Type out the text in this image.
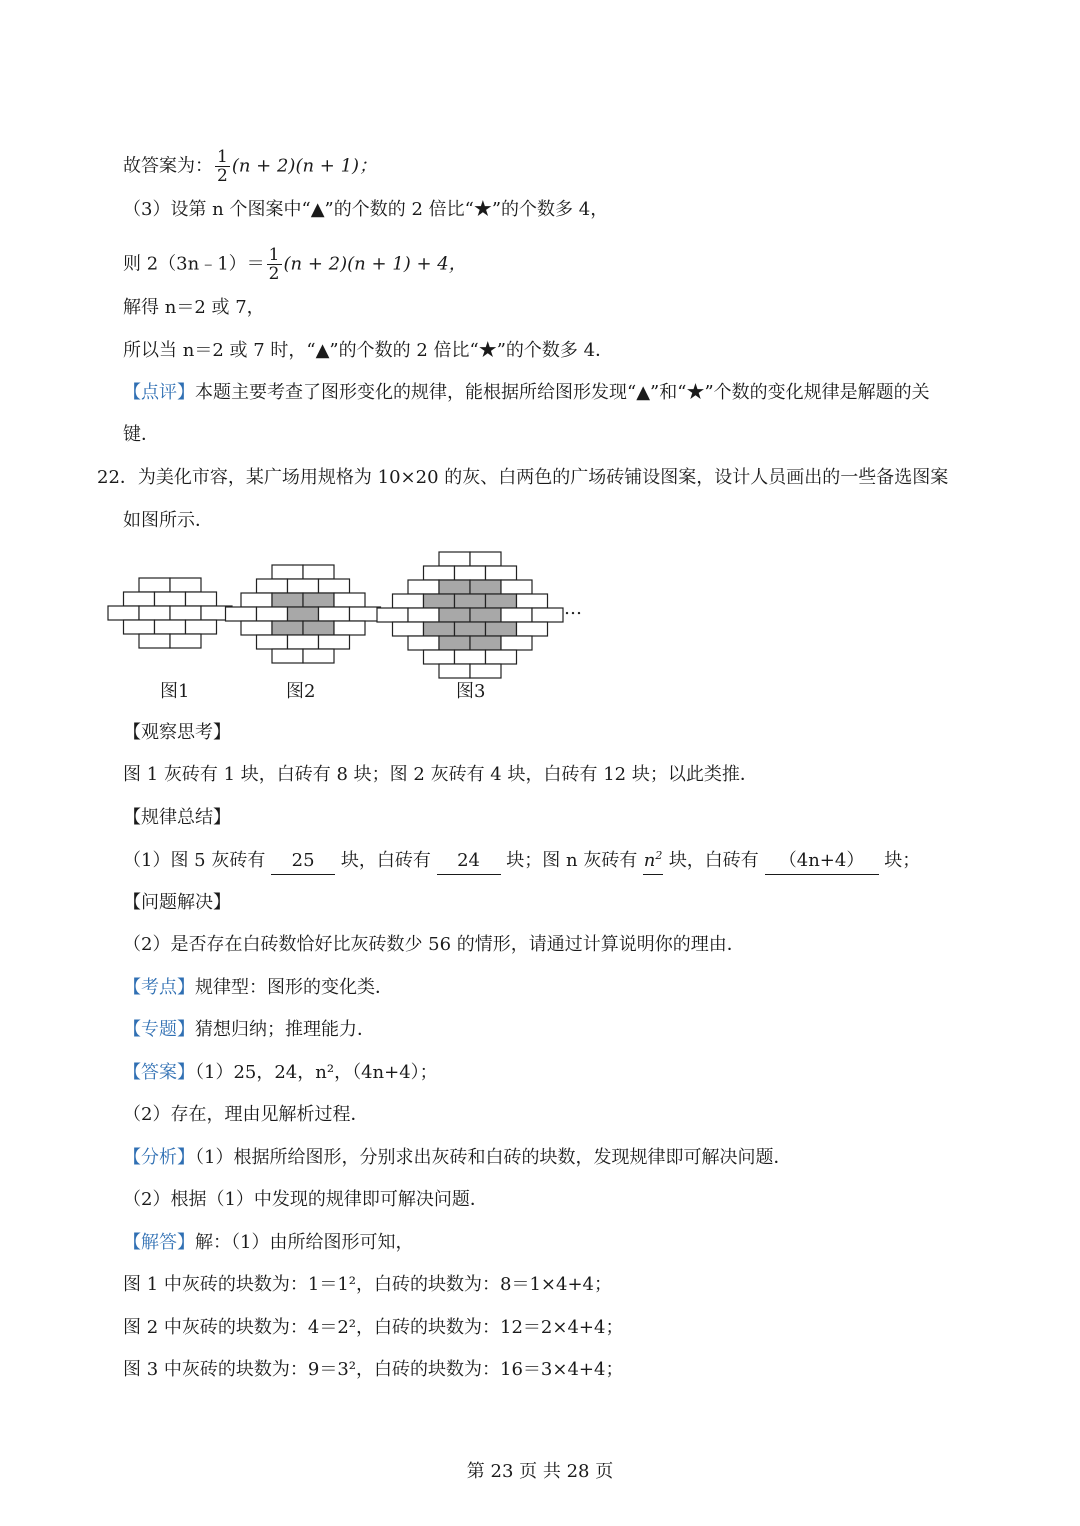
故答案为： $\frac{1}{2} (n + 2)(n + 1)$；
（3）设第 n 个图案中“▲”的个数的 2 倍比“★”的个数多 4，
则 2（3n﹣1）＝ $\frac{1}{2} (n + 2)(n + 1) + 4$，
解得 n＝2 或 7，
所以当 n＝2 或 7 时，“▲”的个数的 2 倍比“★”的个数多 4．
【点评】本题主要考查了图形变化的规律，能根据所给图形发现“▲”和“★”个数的变化规律是解题的关
键．
22．为美化市容，某广场用规格为 10×20 的灰、白两色的广场砖铺设图案，设计人员画出的一些备选图案
如图所示．
图1	图2	图3
…
【观察思考】
图 1 灰砖有 1 块，白砖有 8 块；图 2 灰砖有 4 块，白砖有 12 块；以此类推．
【规律总结】
（1）图 5 灰砖有 25 块，白砖有 24 块；图 n 灰砖有 $n^2$ 块，白砖有 （4n+4） 块；
【问题解决】
（2）是否存在白砖数恰好比灰砖数少 56 的情形，请通过计算说明你的理由．
【考点】规律型：图形的变化类．
【专题】猜想归纳；推理能力．
【答案】（1）25，24，n²，（4n+4）；
（2）存在，理由见解析过程．
【分析】（1）根据所给图形，分别求出灰砖和白砖的块数，发现规律即可解决问题．
（2）根据（1）中发现的规律即可解决问题．
【解答】解：（1）由所给图形可知，
图 1 中灰砖的块数为：1＝1²，白砖的块数为：8＝1×4+4；
图 2 中灰砖的块数为：4＝2²，白砖的块数为：12＝2×4+4；
图 3 中灰砖的块数为：9＝3²，白砖的块数为：16＝3×4+4；
第 23 页 共 28 页
